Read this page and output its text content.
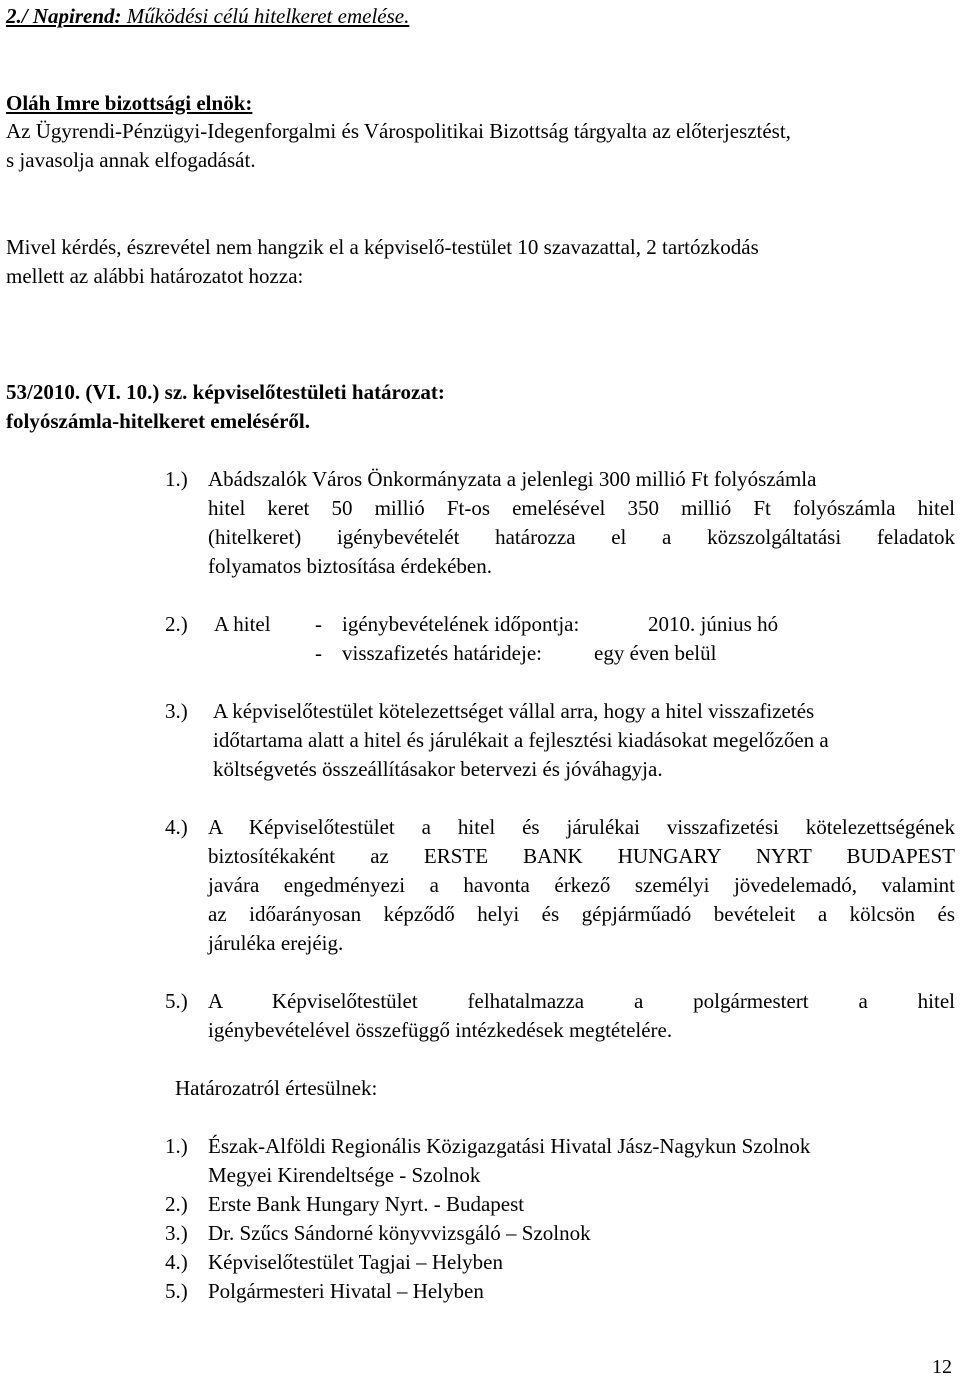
2./ Napirend: Működési célú hitelkeret emelése.
Oláh Imre bizottsági elnök:
Az Ügyrendi-Pénzügyi-Idegenforgalmi és Várospolitikai Bizottság tárgyalta az előterjesztést,
s javasolja annak elfogadását.
Mivel kérdés, észrevétel nem hangzik el a képviselő-testület 10 szavazattal, 2 tartózkodás
mellett az alábbi határozatot hozza:
53/2010. (VI. 10.) sz. képviselőtestületi határozat:
folyószámla-hitelkeret emeléséről.
1.) Abádszalók Város Önkormányzata a jelenlegi 300 millió Ft folyószámla
hitel keret 50 millió Ft-os emelésével 350 millió Ft folyószámla hitel
(hitelkeret) igénybevételét határozza el a közszolgáltatási feladatok
folyamatos biztosítása érdekében.
2.) A hitel - igénybevételének időpontja:	2010. június hó
- visszafizetés határideje: egy éven belül
3.) A képviselőtestület kötelezettséget vállal arra, hogy a hitel visszafizetés
időtartama alatt a hitel és járulékait a fejlesztési kiadásokat megelőzően a
költségvetés összeállításakor betervezi és jóváhagyja.
4.) A Képviselőtestület a hitel és járulékai visszafizetési kötelezettségének
biztosítékaként az ERSTE BANK HUNGARY NYRT BUDAPEST
javára engedményezi a havonta érkező személyi jövedelemadó, valamint
az időarányosan képződő helyi és gépjárműadó bevételeit a kölcsön és
járuléka erejéig.
5.) A Képviselőtestület felhatalmazza a polgármestert a hitel
igénybevételével összefüggő intézkedések megtételére.
Határozatról értesülnek:
1.) Észak-Alföldi Regionális Közigazgatási Hivatal Jász-Nagykun Szolnok
Megyei Kirendeltsége - Szolnok
2.) Erste Bank Hungary Nyrt. - Budapest
3.) Dr. Szűcs Sándorné könyvvizsgáló – Szolnok
4.) Képviselőtestület Tagjai – Helyben
5.) Polgármesteri Hivatal – Helyben
12
